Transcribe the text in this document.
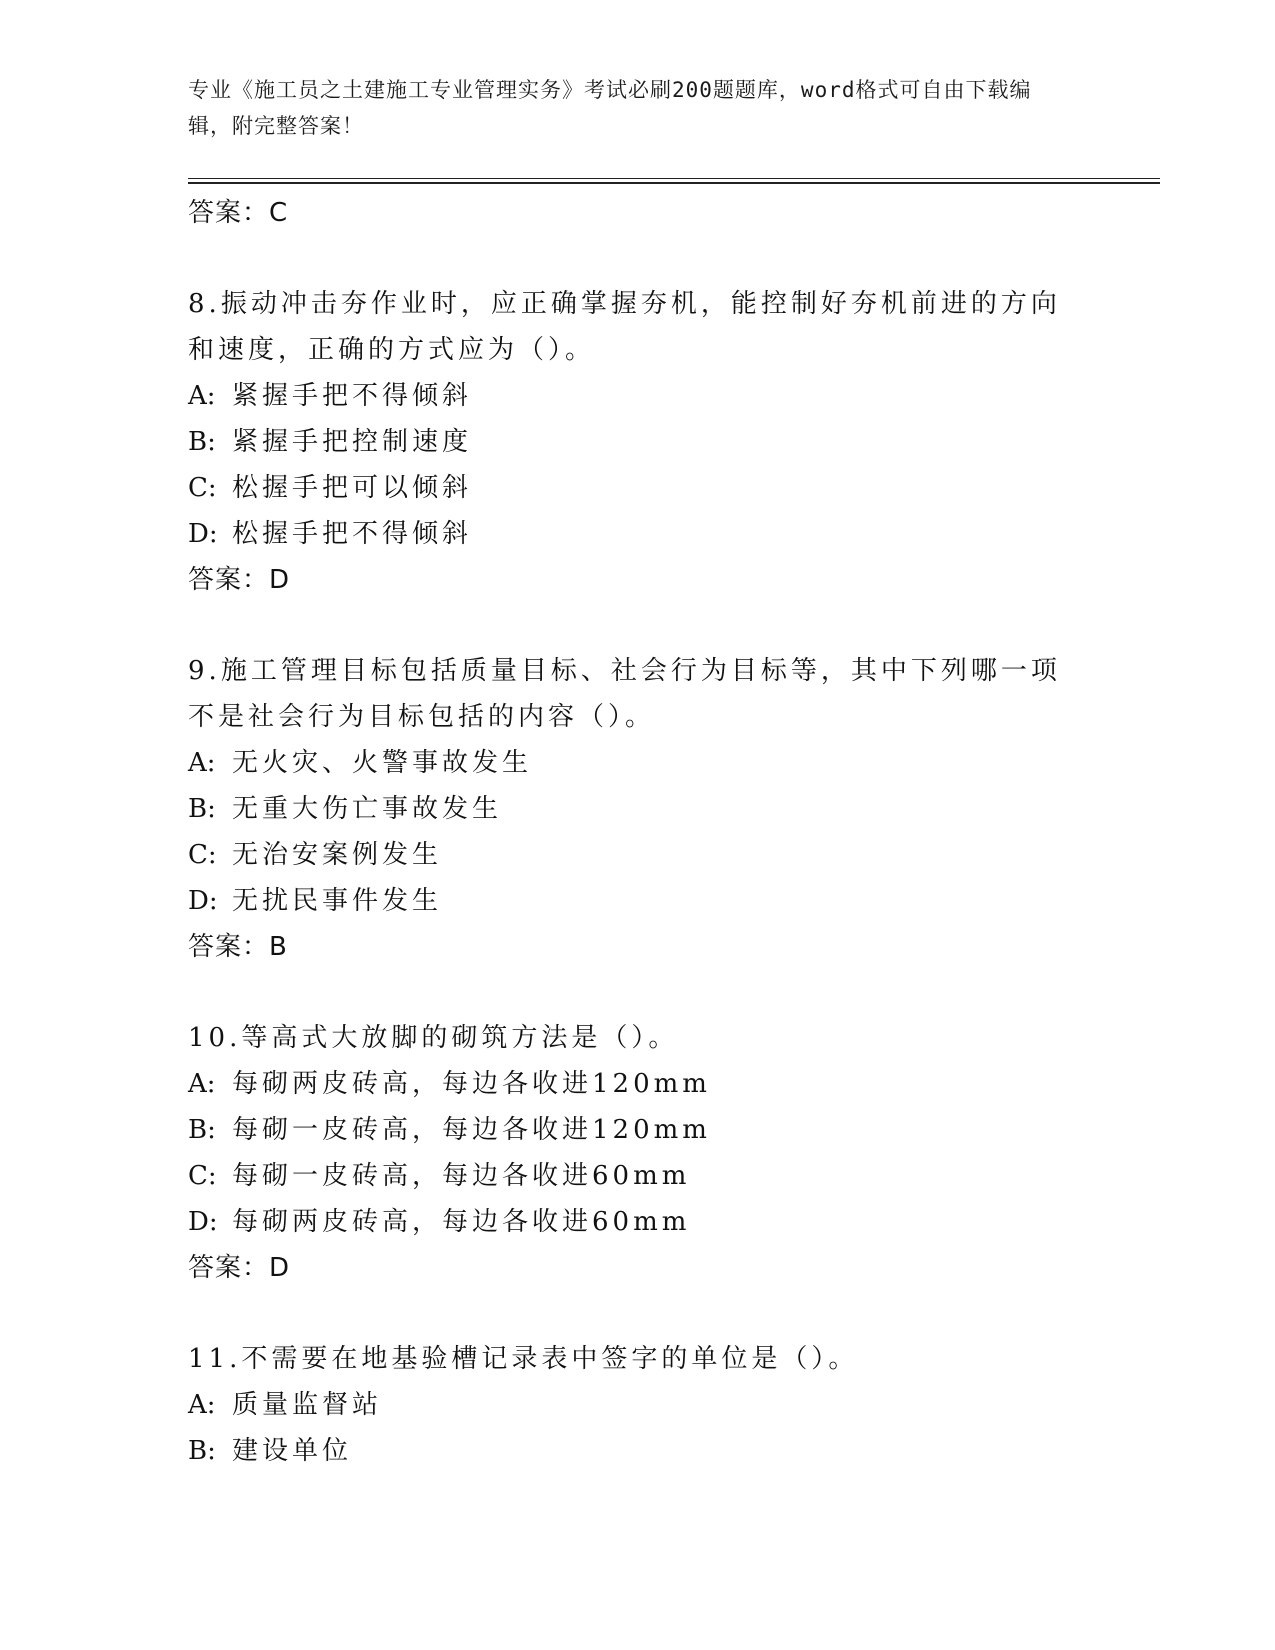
专业《施工员之土建施工专业管理实务》考试必刷200题题库，word格式可自由下载编辑，附完整答案！
答案：C
8.振动冲击夯作业时，应正确掌握夯机，能控制好夯机前进的方向和速度，正确的方式应为（）。
A: 紧握手把不得倾斜
B: 紧握手把控制速度
C: 松握手把可以倾斜
D: 松握手把不得倾斜
答案：D
9.施工管理目标包括质量目标、社会行为目标等，其中下列哪一项不是社会行为目标包括的内容（）。
A: 无火灾、火警事故发生
B: 无重大伤亡事故发生
C: 无治安案例发生
D: 无扰民事件发生
答案：B
10.等高式大放脚的砌筑方法是（）。
A: 每砌两皮砖高，每边各收进120mm
B: 每砌一皮砖高，每边各收进120mm
C: 每砌一皮砖高，每边各收进60mm
D: 每砌两皮砖高，每边各收进60mm
答案：D
11.不需要在地基验槽记录表中签字的单位是（）。
A: 质量监督站
B: 建设单位
